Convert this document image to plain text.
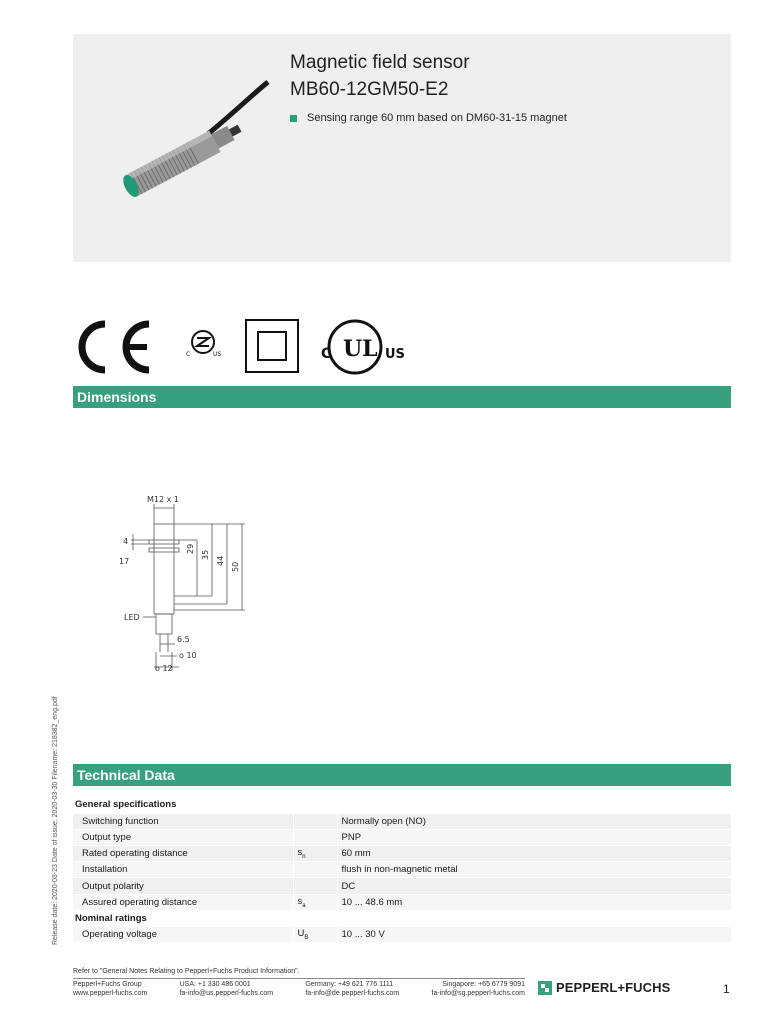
Magnetic field sensor
MB60-12GM50-E2
Sensing range 60 mm based on DM60-31-15 magnet
C	US	UL
C	US
Dimensions
M12 x 1
4
17
29
35
44
50
LED
6.5
ο 10
ο 12
Release date: 2020-03-23 Date of issue: 2020-03-30 Filename: 218382_eng.pdf Technical Data
General specifications		
Switching function		Normally open (NO)
Output type		PNP
Rated operating distance	$s_n$	60 mm
Installation		flush in non-magnetic metal
Output polarity		DC
Assured operating distance	$s_a$	10 ... 48.6 mm
Nominal ratings		
Operating voltage	$U_B$	10 ... 30 V
Refer to "General Notes Relating to Pepperl+Fuchs Product Information".
Pepperl+Fuchs Group
www.pepperl-fuchs.com
USA: +1 330 486 0001
fa-info@us.pepperl-fuchs.com
Germany: +49 621 776 1111
fa-info@de.pepperl-fuchs.com
Singapore: +65 6779 9091
fa-info@sg.pepperl-fuchs.com PEPPERL+FUCHS	1
